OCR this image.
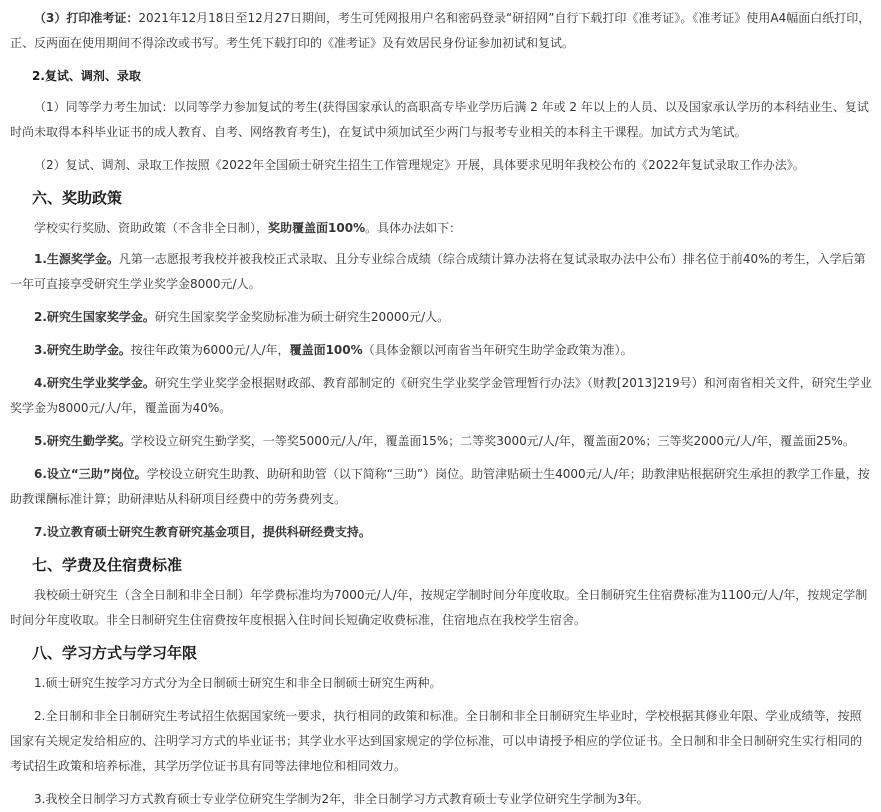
（3）打印准考证：2021年12月18日至12月27日期间，考生可凭网报用户名和密码登录“研招网”自行下载打印《准考证》。《准考证》使用A4幅面白纸打印，正、反两面在使用期间不得涂改或书写。考生凭下载打印的《准考证》及有效居民身份证参加初试和复试。

2.复试、调剂、录取

（1）同等学力考生加试：以同等学力参加复试的考生(获得国家承认的高职高专毕业学历后满 2 年或 2 年以上的人员、以及国家承认学历的本科结业生、复试时尚未取得本科毕业证书的成人教育、自考、网络教育考生)，在复试中须加试至少两门与报考专业相关的本科主干课程。加试方式为笔试。

（2）复试、调剂、录取工作按照《2022年全国硕士研究生招生工作管理规定》开展，具体要求见明年我校公布的《2022年复试录取工作办法》。

六、奖助政策

学校实行奖励、资助政策（不含非全日制），奖助覆盖面100%。具体办法如下：

1.生源奖学金。凡第一志愿报考我校并被我校正式录取、且分专业综合成绩（综合成绩计算办法将在复试录取办法中公布）排名位于前40%的考生，入学后第一年可直接享受研究生学业奖学金8000元/人。

2.研究生国家奖学金。研究生国家奖学金奖励标准为硕士研究生20000元/人。

3.研究生助学金。按往年政策为6000元/人/年，覆盖面100%（具体金额以河南省当年研究生助学金政策为准）。

4.研究生学业奖学金。研究生学业奖学金根据财政部、教育部制定的《研究生学业奖学金管理暂行办法》（财教[2013]219号）和河南省相关文件，研究生学业奖学金为8000元/人/年，覆盖面为40%。

5.研究生勤学奖。学校设立研究生勤学奖，一等奖5000元/人/年，覆盖面15%；二等奖3000元/人/年，覆盖面20%；三等奖2000元/人/年，覆盖面25%。

6.设立“三助”岗位。学校设立研究生助教、助研和助管（以下简称“三助”）岗位。助管津贴硕士生4000元/人/年；助教津贴根据研究生承担的教学工作量，按助教课酬标准计算；助研津贴从科研项目经费中的劳务费列支。

7.设立教育硕士研究生教育研究基金项目，提供科研经费支持。

七、学费及住宿费标准

我校硕士研究生（含全日制和非全日制）年学费标准均为7000元/人/年，按规定学制时间分年度收取。全日制研究生住宿费标准为1100元/人/年，按规定学制时间分年度收取。非全日制研究生住宿费按年度根据入住时间长短确定收费标准，住宿地点在我校学生宿舍。

八、学习方式与学习年限

1.硕士研究生按学习方式分为全日制硕士研究生和非全日制硕士研究生两种。

2.全日制和非全日制研究生考试招生依据国家统一要求，执行相同的政策和标准。全日制和非全日制研究生毕业时，学校根据其修业年限、学业成绩等，按照国家有关规定发给相应的、注明学习方式的毕业证书；其学业水平达到国家规定的学位标准，可以申请授予相应的学位证书。全日制和非全日制研究生实行相同的考试招生政策和培养标准，其学历学位证书具有同等法律地位和相同效力。

3.我校全日制学习方式教育硕士专业学位研究生学制为2年，非全日制学习方式教育硕士专业学位研究生学制为3年。
